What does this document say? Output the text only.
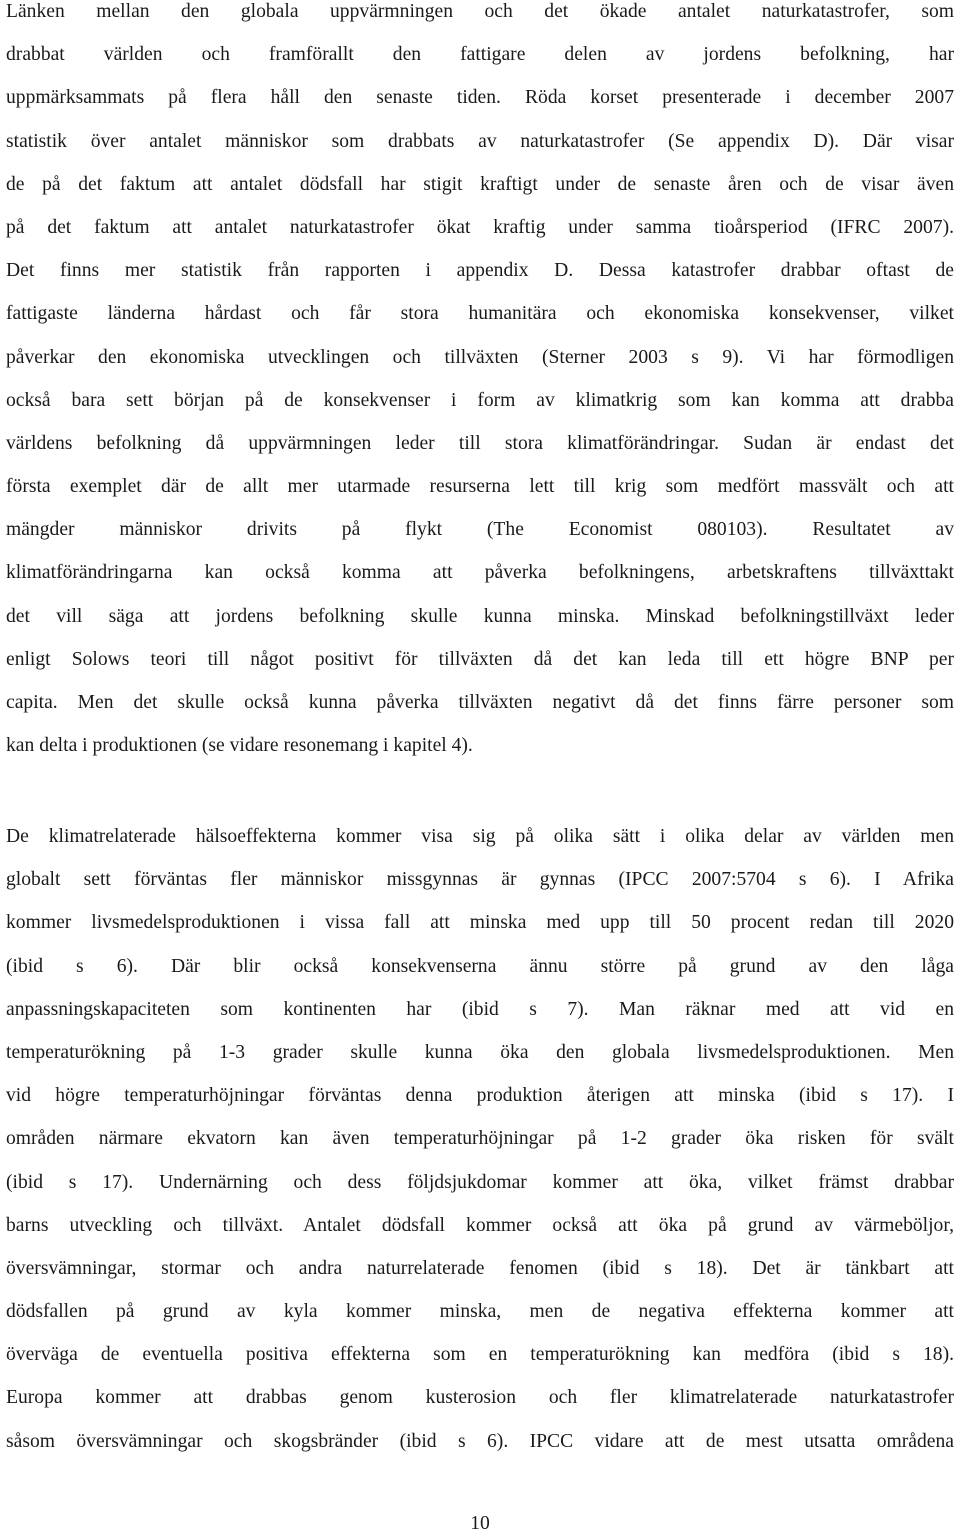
Länken mellan den globala uppvärmningen och det ökade antalet naturkatastrofer, som
drabbat världen och framförallt den fattigare delen av jordens befolkning, har
uppmärksammats på flera håll den senaste tiden. Röda korset presenterade i december 2007
statistik över antalet människor som drabbats av naturkatastrofer (Se appendix D). Där visar
de på det faktum att antalet dödsfall har stigit kraftigt under de senaste åren och de visar även
på det faktum att antalet naturkatastrofer ökat kraftig under samma tioårsperiod (IFRC 2007).
Det finns mer statistik från rapporten i appendix D. Dessa katastrofer drabbar oftast de
fattigaste länderna hårdast och får stora humanitära och ekonomiska konsekvenser, vilket
påverkar den ekonomiska utvecklingen och tillväxten (Sterner 2003 s 9). Vi har förmodligen
också bara sett början på de konsekvenser i form av klimatkrig som kan komma att drabba
världens befolkning då uppvärmningen leder till stora klimatförändringar. Sudan är endast det
första exemplet där de allt mer utarmade resurserna lett till krig som medfört massvält och att
mängder människor drivits på flykt (The Economist 080103). Resultatet av
klimatförändringarna kan också komma att påverka befolkningens, arbetskraftens tillväxttakt
det vill säga att jordens befolkning skulle kunna minska. Minskad befolkningstillväxt leder
enligt Solows teori till något positivt för tillväxten då det kan leda till ett högre BNP per
capita. Men det skulle också kunna påverka tillväxten negativt då det finns färre personer som
kan delta i produktionen (se vidare resonemang i kapitel 4).
De klimatrelaterade hälsoeffekterna kommer visa sig på olika sätt i olika delar av världen men
globalt sett förväntas fler människor missgynnas är gynnas (IPCC 2007:5704 s 6). I Afrika
kommer livsmedelsproduktionen i vissa fall att minska med upp till 50 procent redan till 2020
(ibid s 6). Där blir också konsekvenserna ännu större på grund av den låga
anpassningskapaciteten som kontinenten har (ibid s 7). Man räknar med att vid en
temperaturökning på 1-3 grader skulle kunna öka den globala livsmedelsproduktionen. Men
vid högre temperaturhöjningar förväntas denna produktion återigen att minska (ibid s 17). I
områden närmare ekvatorn kan även temperaturhöjningar på 1-2 grader öka risken för svält
(ibid s 17). Undernärning och dess följdsjukdomar kommer att öka, vilket främst drabbar
barns utveckling och tillväxt. Antalet dödsfall kommer också att öka på grund av värmeböljor,
översvämningar, stormar och andra naturrelaterade fenomen (ibid s 18). Det är tänkbart att
dödsfallen på grund av kyla kommer minska, men de negativa effekterna kommer att
överväga de eventuella positiva effekterna som en temperaturökning kan medföra (ibid s 18).
Europa kommer att drabbas genom kusterosion och fler klimatrelaterade naturkatastrofer
såsom översvämningar och skogsbränder (ibid s 6). IPCC vidare att de mest utsatta områdena
10
